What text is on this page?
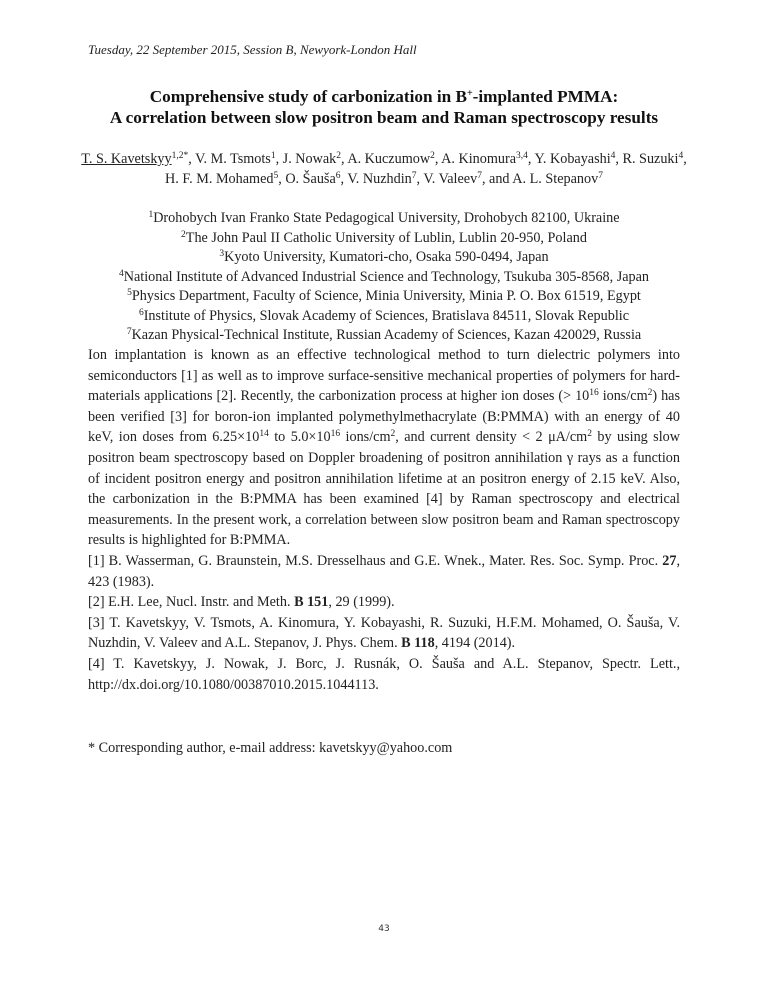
Tuesday, 22 September 2015, Session B, Newyork-London Hall
Comprehensive study of carbonization in B+-implanted PMMA:
A correlation between slow positron beam and Raman spectroscopy results
T. S. Kavetskyy$^{1,2*}$, V. M. Tsmots$^1$, J. Nowak$^2$, A. Kuczumow$^2$, A. Kinomura$^{3,4}$, Y. Kobayashi$^4$, R. Suzuki$^4$, H. F. M. Mohamed$^5$, O. Šauša$^6$, V. Nuzhdin$^7$, V. Valeev$^7$, and A. L. Stepanov$^7$
$^1$Drohobych Ivan Franko State Pedagogical University, Drohobych 82100, Ukraine
$^2$The John Paul II Catholic University of Lublin, Lublin 20-950, Poland
$^3$Kyoto University, Kumatori-cho, Osaka 590-0494, Japan
$^4$National Institute of Advanced Industrial Science and Technology, Tsukuba 305-8568, Japan
$^5$Physics Department, Faculty of Science, Minia University, Minia P. O. Box 61519, Egypt
$^6$Institute of Physics, Slovak Academy of Sciences, Bratislava 84511, Slovak Republic
$^7$Kazan Physical-Technical Institute, Russian Academy of Sciences, Kazan 420029, Russia

Ion implantation is known as an effective technological method to turn dielectric polymers into semiconductors [1] as well as to improve surface-sensitive mechanical properties of polymers for hard-materials applications [2]. Recently, the carbonization process at higher ion doses (> $10^{16}$ ions/$cm^2$) has been verified [3] for boron-ion implanted polymethylmethacrylate (B:PMMA) with an energy of 40 keV, ion doses from $6.25\times 10^{14}$ to $5.0\times 10^{16}$ ions/$cm^2$, and current density < 2 $\mu A/cm^2$ by using slow positron beam spectroscopy based on Doppler broadening of positron annihilation γ rays as a function of incident positron energy and positron annihilation lifetime at an positron energy of 2.15 keV. Also, the carbonization in the B:PMMA has been examined [4] by Raman spectroscopy and electrical measurements. In the present work, a correlation between slow positron beam and Raman spectroscopy results is highlighted for B:PMMA.

[1] B. Wasserman, G. Braunstein, M.S. Dresselhaus and G.E. Wnek., Mater. Res. Soc. Symp. Proc. 27, 423 (1983).

[2] E.H. Lee, Nucl. Instr. and Meth. B 151, 29 (1999).

[3] T. Kavetskyy, V. Tsmots, A. Kinomura, Y. Kobayashi, R. Suzuki, H.F.M. Mohamed, O. Šauša, V. Nuzhdin, V. Valeev and A.L. Stepanov, J. Phys. Chem. B 118, 4194 (2014).

[4] T. Kavetskyy, J. Nowak, J. Borc, J. Rusnák, O. Šauša and A.L. Stepanov, Spectr. Lett., http://dx.doi.org/10.1080/00387010.2015.1044113.

* Corresponding author, e-mail address: kavetskyy@yahoo.com
43
